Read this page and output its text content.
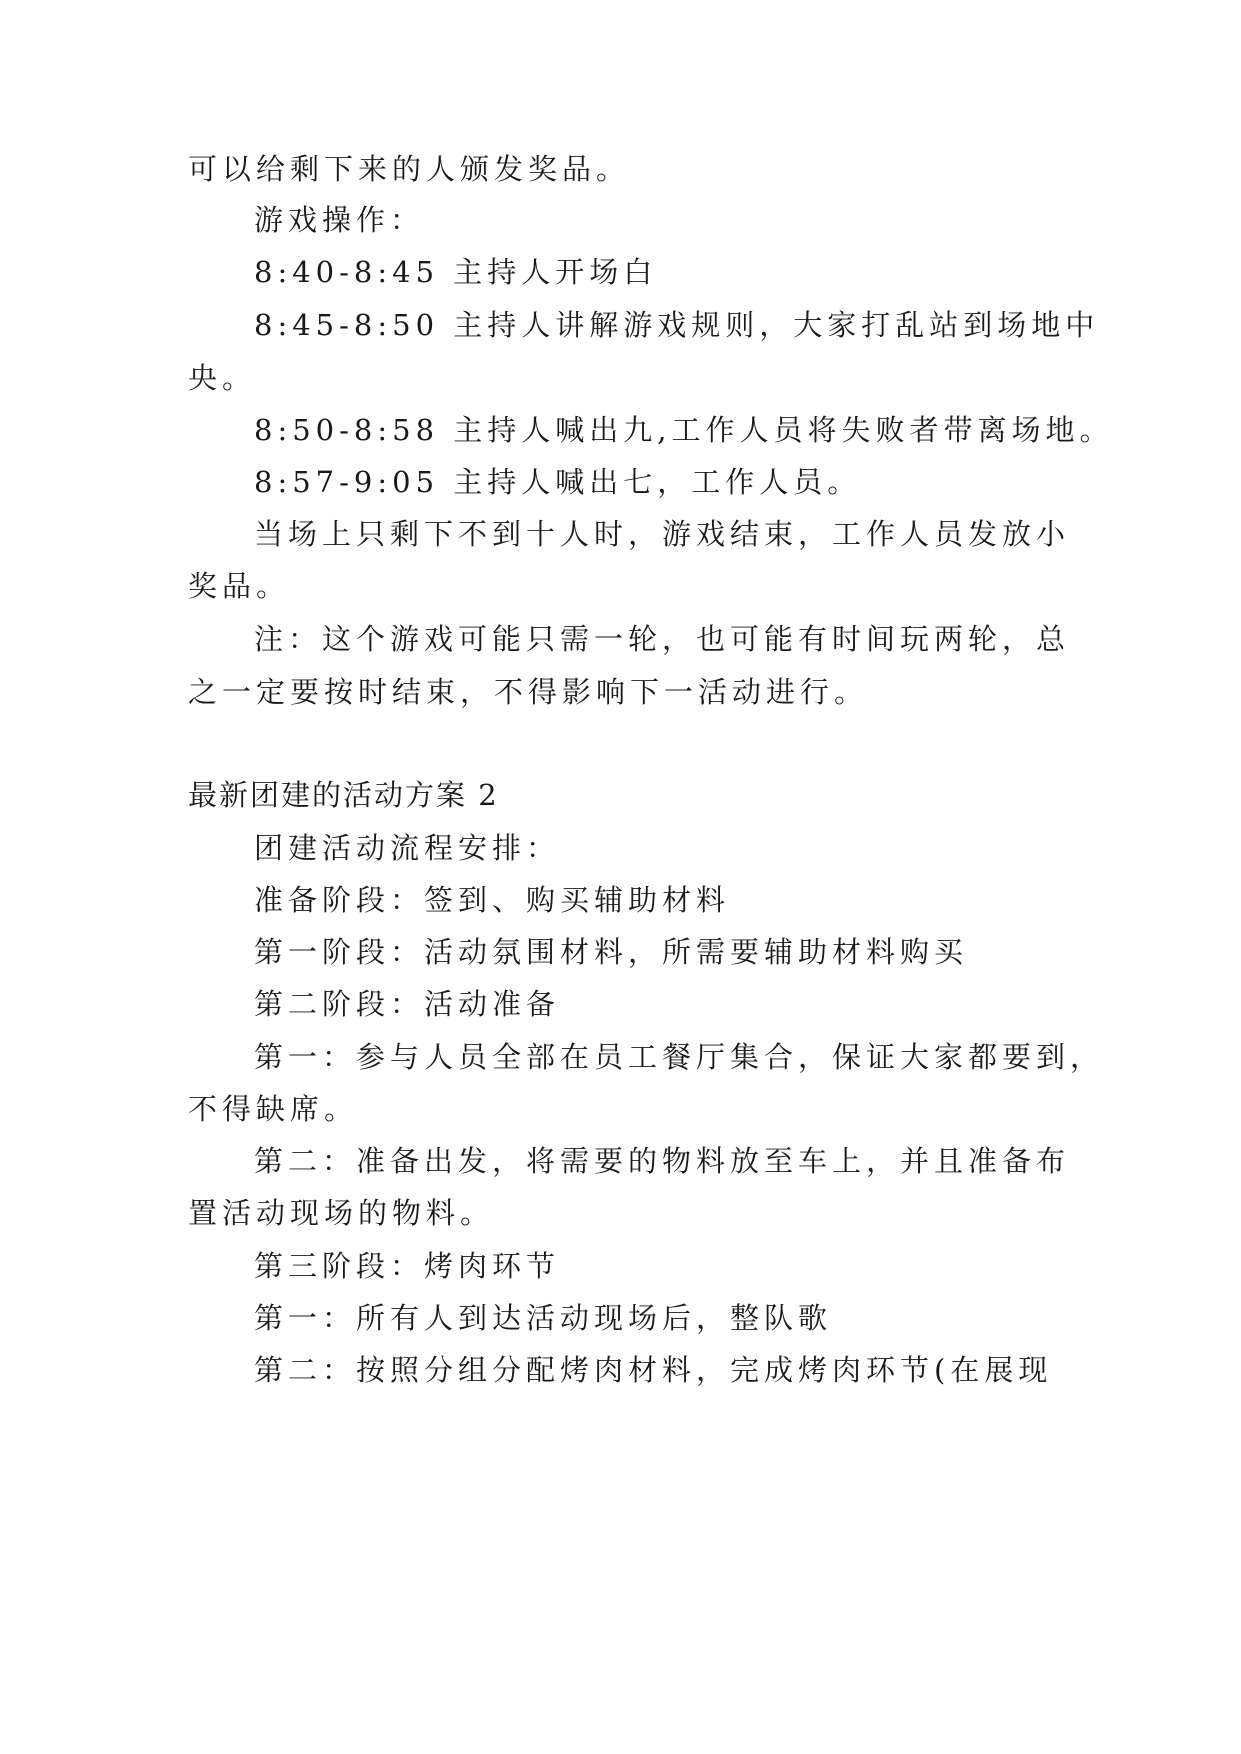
可以给剩下来的人颁发奖品。
游戏操作：
8:40-8:45 主持人开场白
8:45-8:50 主持人讲解游戏规则，大家打乱站到场地中
央。
8:50-8:58 主持人喊出九,工作人员将失败者带离场地。
8:57-9:05 主持人喊出七，工作人员。
当场上只剩下不到十人时，游戏结束，工作人员发放小
奖品。
注：这个游戏可能只需一轮，也可能有时间玩两轮，总
之一定要按时结束，不得影响下一活动进行。
最新团建的活动方案 2
团建活动流程安排：
准备阶段：签到、购买辅助材料
第一阶段：活动氛围材料，所需要辅助材料购买
第二阶段：活动准备
第一：参与人员全部在员工餐厅集合，保证大家都要到，
不得缺席。
第二：准备出发，将需要的物料放至车上，并且准备布
置活动现场的物料。
第三阶段：烤肉环节
第一：所有人到达活动现场后，整队歌
第二：按照分组分配烤肉材料，完成烤肉环节(在展现
